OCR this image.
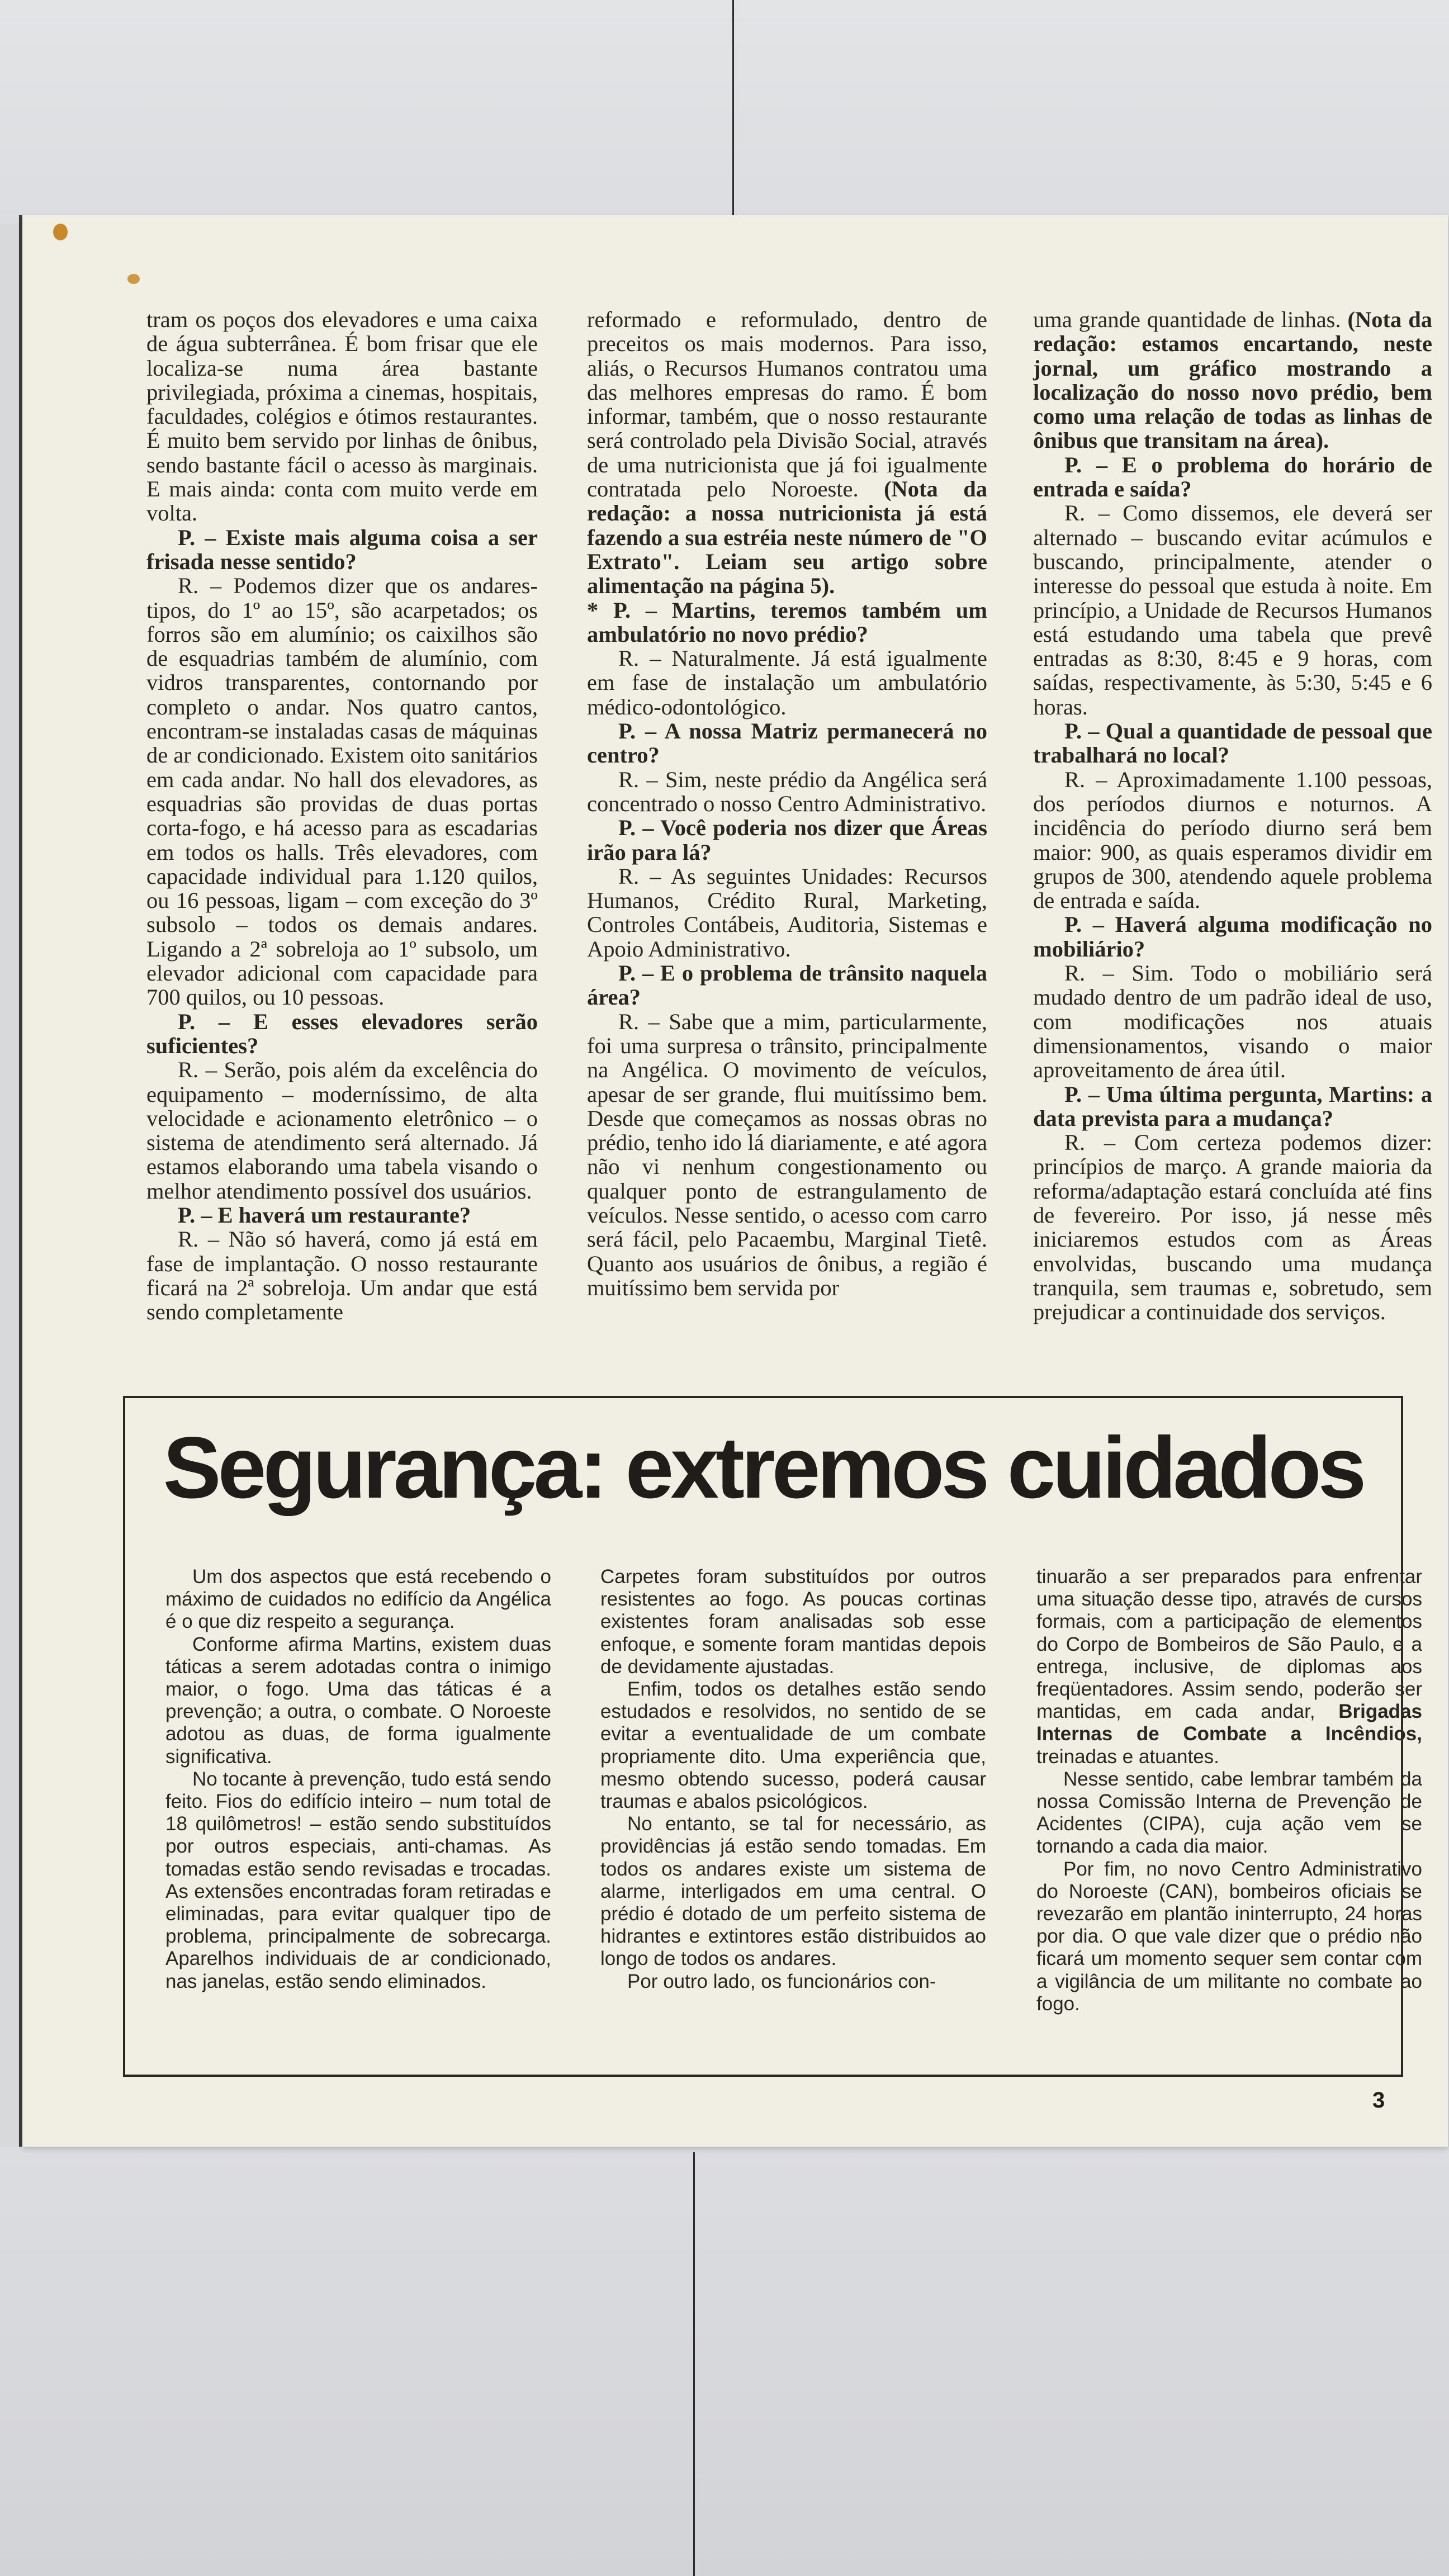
tram os poços dos elevadores e uma caixa de água subterrânea. É bom frisar que ele localiza-se numa área bastante privilegiada, próxima a cinemas, hospitais, faculdades, colégios e ótimos restaurantes. É muito bem servido por linhas de ônibus, sendo bastante fácil o acesso às marginais. E mais ainda: conta com muito verde em volta.

P. – Existe mais alguma coisa a ser frisada nesse sentido?

R. – Podemos dizer que os andares-tipos, do 1º ao 15º, são acarpetados; os forros são em alumínio; os caixilhos são de esquadrias também de alumínio, com vidros transparentes, contornando por completo o andar. Nos quatro cantos, encontram-se instaladas casas de máquinas de ar condicionado. Existem oito sanitários em cada andar. No hall dos elevadores, as esquadrias são providas de duas portas corta-fogo, e há acesso para as escadarias em todos os halls. Três elevadores, com capacidade individual para 1.120 quilos, ou 16 pessoas, ligam – com exceção do 3º subsolo – todos os demais andares. Ligando a 2ª sobreloja ao 1º subsolo, um elevador adicional com capacidade para 700 quilos, ou 10 pessoas.

P. – E esses elevadores serão suficientes?

R. – Serão, pois além da excelência do equipamento – moderníssimo, de alta velocidade e acionamento eletrônico – o sistema de atendimento será alternado. Já estamos elaborando uma tabela visando o melhor atendimento possível dos usuários.

P. – E haverá um restaurante?

R. – Não só haverá, como já está em fase de implantação. O nosso restaurante ficará na 2ª sobreloja. Um andar que está sendo completamente

reformado e reformulado, dentro de preceitos os mais modernos. Para isso, aliás, o Recursos Humanos contratou uma das melhores empresas do ramo. É bom informar, também, que o nosso restaurante será controlado pela Divisão Social, através de uma nutricionista que já foi igualmente contratada pelo Noroeste. (Nota da redação: a nossa nutricionista já está fazendo a sua estréia neste número de "O Extrato". Leiam seu artigo sobre alimentação na página 5).

* P. – Martins, teremos também um ambulatório no novo prédio?

R. – Naturalmente. Já está igualmente em fase de instalação um ambulatório médico-odontológico.

P. – A nossa Matriz permanecerá no centro?

R. – Sim, neste prédio da Angélica será concentrado o nosso Centro Administrativo.

P. – Você poderia nos dizer que Áreas irão para lá?

R. – As seguintes Unidades: Recursos Humanos, Crédito Rural, Marketing, Controles Contábeis, Auditoria, Sistemas e Apoio Administrativo.

P. – E o problema de trânsito naquela área?

R. – Sabe que a mim, particularmente, foi uma surpresa o trânsito, principalmente na Angélica. O movimento de veículos, apesar de ser grande, flui muitíssimo bem. Desde que começamos as nossas obras no prédio, tenho ido lá diariamente, e até agora não vi nenhum congestionamento ou qualquer ponto de estrangulamento de veículos. Nesse sentido, o acesso com carro será fácil, pelo Pacaembu, Marginal Tietê. Quanto aos usuários de ônibus, a região é muitíssimo bem servida por

uma grande quantidade de linhas. (Nota da redação: estamos encartando, neste jornal, um gráfico mostrando a localização do nosso novo prédio, bem como uma relação de todas as linhas de ônibus que transitam na área).

P. – E o problema do horário de entrada e saída?

R. – Como dissemos, ele deverá ser alternado – buscando evitar acúmulos e buscando, principalmente, atender o interesse do pessoal que estuda à noite. Em princípio, a Unidade de Recursos Humanos está estudando uma tabela que prevê entradas as 8:30, 8:45 e 9 horas, com saídas, respectivamente, às 5:30, 5:45 e 6 horas.

P. – Qual a quantidade de pessoal que trabalhará no local?

R. – Aproximadamente 1.100 pessoas, dos períodos diurnos e noturnos. A incidência do período diurno será bem maior: 900, as quais esperamos dividir em grupos de 300, atendendo aquele problema de entrada e saída.

P. – Haverá alguma modificação no mobiliário?

R. – Sim. Todo o mobiliário será mudado dentro de um padrão ideal de uso, com modificações nos atuais dimensionamentos, visando o maior aproveitamento de área útil.

P. – Uma última pergunta, Martins: a data prevista para a mudança?

R. – Com certeza podemos dizer: princípios de março. A grande maioria da reforma/adaptação estará concluída até fins de fevereiro. Por isso, já nesse mês iniciaremos estudos com as Áreas envolvidas, buscando uma mudança tranquila, sem traumas e, sobretudo, sem prejudicar a continuidade dos serviços.

Segurança: extremos cuidados

Um dos aspectos que está recebendo o máximo de cuidados no edifício da Angélica é o que diz respeito a segurança.

Conforme afirma Martins, existem duas táticas a serem adotadas contra o inimigo maior, o fogo. Uma das táticas é a prevenção; a outra, o combate. O Noroeste adotou as duas, de forma igualmente significativa.

No tocante à prevenção, tudo está sendo feito. Fios do edifício inteiro – num total de 18 quilômetros! – estão sendo substituídos por outros especiais, anti-chamas. As tomadas estão sendo revisadas e trocadas. As extensões encontradas foram retiradas e eliminadas, para evitar qualquer tipo de problema, principalmente de sobrecarga. Aparelhos individuais de ar condicionado, nas janelas, estão sendo eliminados.

Carpetes foram substituídos por outros resistentes ao fogo. As poucas cortinas existentes foram analisadas sob esse enfoque, e somente foram mantidas depois de devidamente ajustadas.

Enfim, todos os detalhes estão sendo estudados e resolvidos, no sentido de se evitar a eventualidade de um combate propriamente dito. Uma experiência que, mesmo obtendo sucesso, poderá causar traumas e abalos psicológicos.

No entanto, se tal for necessário, as providências já estão sendo tomadas. Em todos os andares existe um sistema de alarme, interligados em uma central. O prédio é dotado de um perfeito sistema de hidrantes e extintores estão distribuidos ao longo de todos os andares.

Por outro lado, os funcionários con-

tinuarão a ser preparados para enfrentar uma situação desse tipo, através de cursos formais, com a participação de elementos do Corpo de Bombeiros de São Paulo, e a entrega, inclusive, de diplomas aos freqüentadores. Assim sendo, poderão ser mantidas, em cada andar, Brigadas Internas de Combate a Incêndios, treinadas e atuantes.

Nesse sentido, cabe lembrar também da nossa Comissão Interna de Prevenção de Acidentes (CIPA), cuja ação vem se tornando a cada dia maior.

Por fim, no novo Centro Administrativo do Noroeste (CAN), bombeiros oficiais se revezarão em plantão ininterrupto, 24 horas por dia. O que vale dizer que o prédio não ficará um momento sequer sem contar com a vigilância de um militante no combate ao fogo.

3
